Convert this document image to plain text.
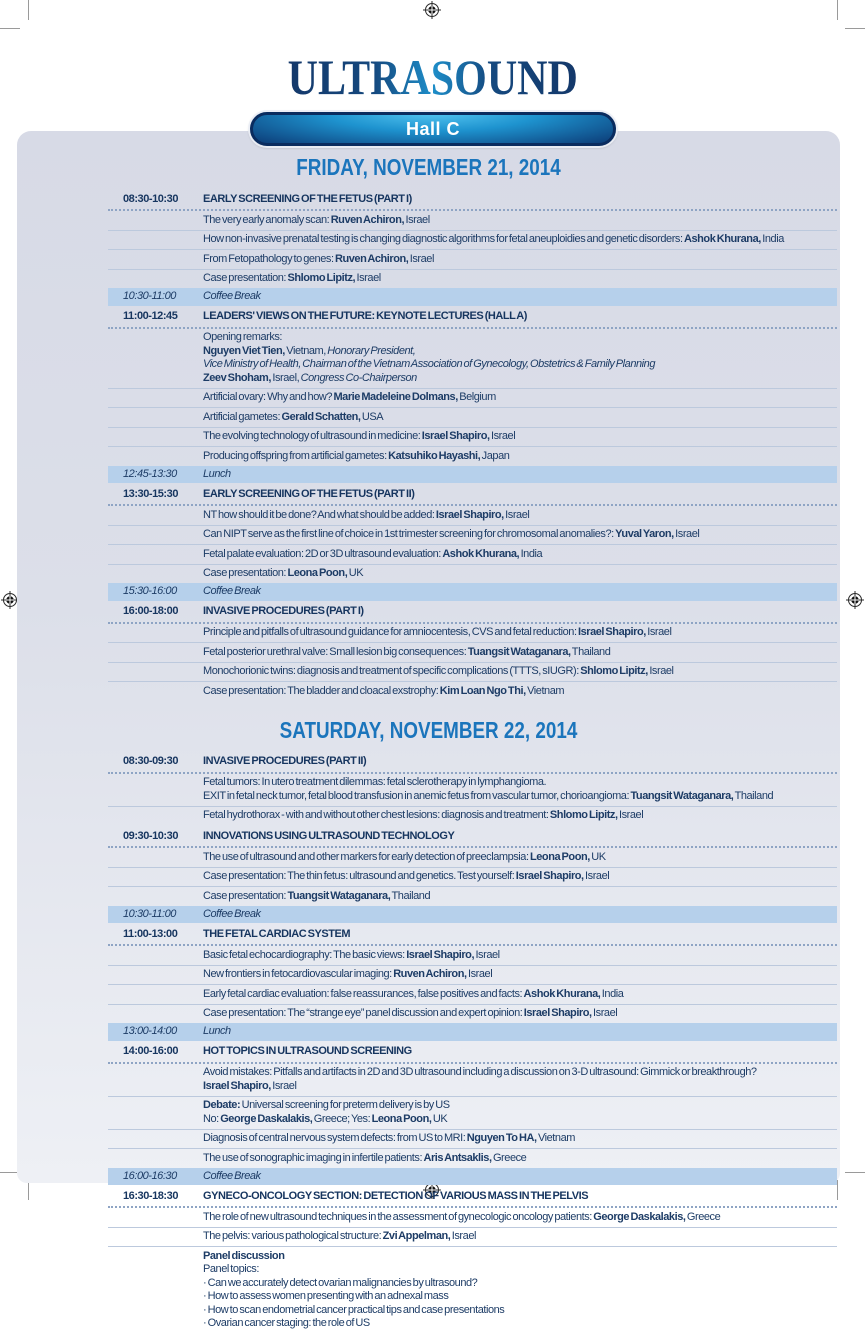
ULTRASOUND
FRIDAY, NOVEMBER 21, 2014
08:30-10:30	EARLY SCREENING OF THE FETUS (PART I)
The very early anomaly scan: Ruven Achiron, Israel
How non-invasive prenatal testing is changing diagnostic algorithms for fetal aneuploidies and genetic disorders: Ashok Khurana, India
From Fetopathology to genes: Ruven Achiron, Israel
Case presentation: Shlomo Lipitz, Israel
10:30-11:00	Coffee Break
11:00-12:45	LEADERS' VIEWS ON THE FUTURE: KEYNOTE LECTURES (HALL A)
Opening remarks:
Nguyen Viet Tien, Vietnam, Honorary President,
Vice Ministry of Health, Chairman of the Vietnam Association of Gynecology, Obstetrics & Family Planning
Zeev Shoham, Israel, Congress Co-Chairperson
Artificial ovary: Why and how? Marie Madeleine Dolmans, Belgium
Artificial gametes: Gerald Schatten, USA
The evolving technology of ultrasound in medicine: Israel Shapiro, Israel
Producing offspring from artificial gametes: Katsuhiko Hayashi, Japan
12:45-13:30	Lunch
13:30-15:30	EARLY SCREENING OF THE FETUS (PART II)
NT how should it be done? And what should be added: Israel Shapiro, Israel
Can NIPT serve as the first line of choice in 1st trimester screening for chromosomal anomalies?: Yuval Yaron, Israel
Fetal palate evaluation: 2D or 3D ultrasound evaluation: Ashok Khurana, India
Case presentation: Leona Poon, UK
15:30-16:00	Coffee Break
16:00-18:00	INVASIVE PROCEDURES (PART I)
Principle and pitfalls of ultrasound guidance for amniocentesis, CVS and fetal reduction: Israel Shapiro, Israel
Fetal posterior urethral valve: Small lesion big consequences: Tuangsit Wataganara, Thailand
Monochorionic twins: diagnosis and treatment of specific complications (TTTS, sIUGR): Shlomo Lipitz, Israel
Case presentation: The bladder and cloacal exstrophy: Kim Loan Ngo Thi, Vietnam
SATURDAY, NOVEMBER 22, 2014
08:30-09:30	INVASIVE PROCEDURES (PART II)
Fetal tumors: In utero treatment dilemmas: fetal sclerotherapy in lymphangioma.
EXIT in fetal neck tumor, fetal blood transfusion in anemic fetus from vascular tumor, chorioangioma: Tuangsit Wataganara, Thailand
Fetal hydrothorax - with and without other chest lesions: diagnosis and treatment: Shlomo Lipitz, Israel
09:30-10:30	INNOVATIONS USING ULTRASOUND TECHNOLOGY
The use of ultrasound and other markers for early detection of preeclampsia: Leona Poon, UK
Case presentation: The thin fetus: ultrasound and genetics. Test yourself: Israel Shapiro, Israel
Case presentation: Tuangsit Wataganara, Thailand
10:30-11:00	Coffee Break
11:00-13:00	THE FETAL CARDIAC SYSTEM
Basic fetal echocardiography: The basic views: Israel Shapiro, Israel
New frontiers in fetocardiovascular imaging: Ruven Achiron, Israel
Early fetal cardiac evaluation: false reassurances, false positives and facts: Ashok Khurana, India
Case presentation: The “strange eye” panel discussion and expert opinion: Israel Shapiro, Israel
13:00-14:00	Lunch
14:00-16:00	HOT TOPICS IN ULTRASOUND SCREENING
Avoid mistakes: Pitfalls and artifacts in 2D and 3D ultrasound including a discussion on 3-D ultrasound: Gimmick or breakthrough?
Israel Shapiro, Israel
Debate: Universal screening for preterm delivery is by US
No: George Daskalakis, Greece; Yes: Leona Poon, UK
Diagnosis of central nervous system defects: from US to MRI: Nguyen To HA, Vietnam
The use of sonographic imaging in infertile patients: Aris Antsaklis, Greece
16:00-16:30	Coffee Break
16:30-18:30	GYNECO-ONCOLOGY SECTION: DETECTION OF VARIOUS MASS IN THE PELVIS
The role of new ultrasound techniques in the assessment of gynecologic oncology patients: George Daskalakis, Greece
The pelvis: various pathological structure: Zvi Appelman, Israel
Panel discussion
Panel topics:
· Can we accurately detect ovarian malignancies by ultrasound?
· How to assess women presenting with an adnexal mass
· How to scan endometrial cancer practical tips and case presentations
· Ovarian cancer staging: the role of US
Hall C
